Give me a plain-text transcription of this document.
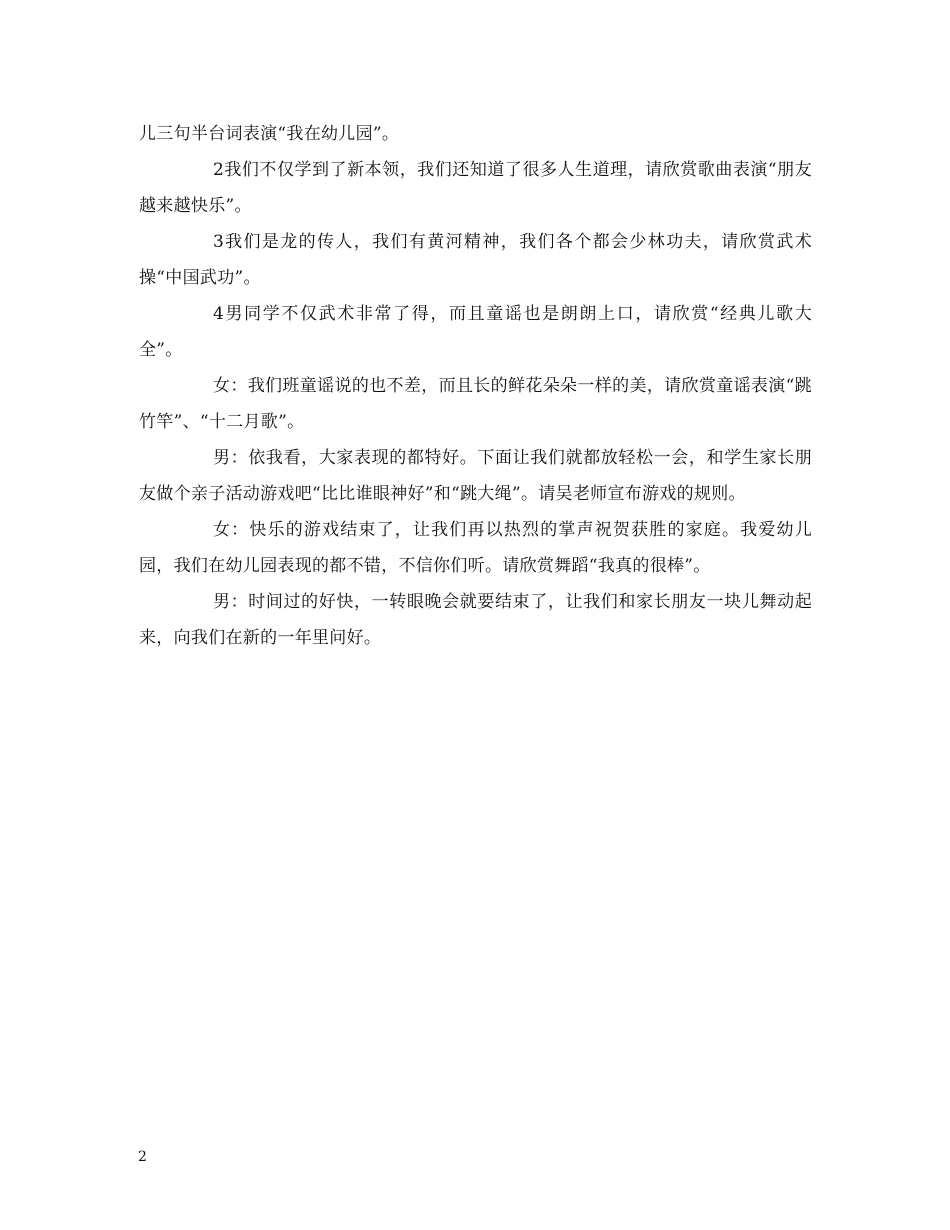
儿三句半台词表演“我在幼儿园”。

2我们不仅学到了新本领，我们还知道了很多人生道理，请欣赏歌曲表演“朋友越来越快乐”。

3我们是龙的传人，我们有黄河精神，我们各个都会少林功夫，请欣赏武术操“中国武功”。

4男同学不仅武术非常了得，而且童谣也是朗朗上口，请欣赏“经典儿歌大全”。

女：我们班童谣说的也不差，而且长的鲜花朵朵一样的美，请欣赏童谣表演“跳竹竿”、“十二月歌”。

男：依我看，大家表现的都特好。下面让我们就都放轻松一会，和学生家长朋友做个亲子活动游戏吧“比比谁眼神好”和“跳大绳”。请吴老师宣布游戏的规则。

女：快乐的游戏结束了，让我们再以热烈的掌声祝贺获胜的家庭。我爱幼儿园，我们在幼儿园表现的都不错，不信你们听。请欣赏舞蹈“我真的很棒”。

男：时间过的好快，一转眼晚会就要结束了，让我们和家长朋友一块儿舞动起来，向我们在新的一年里问好。

2
